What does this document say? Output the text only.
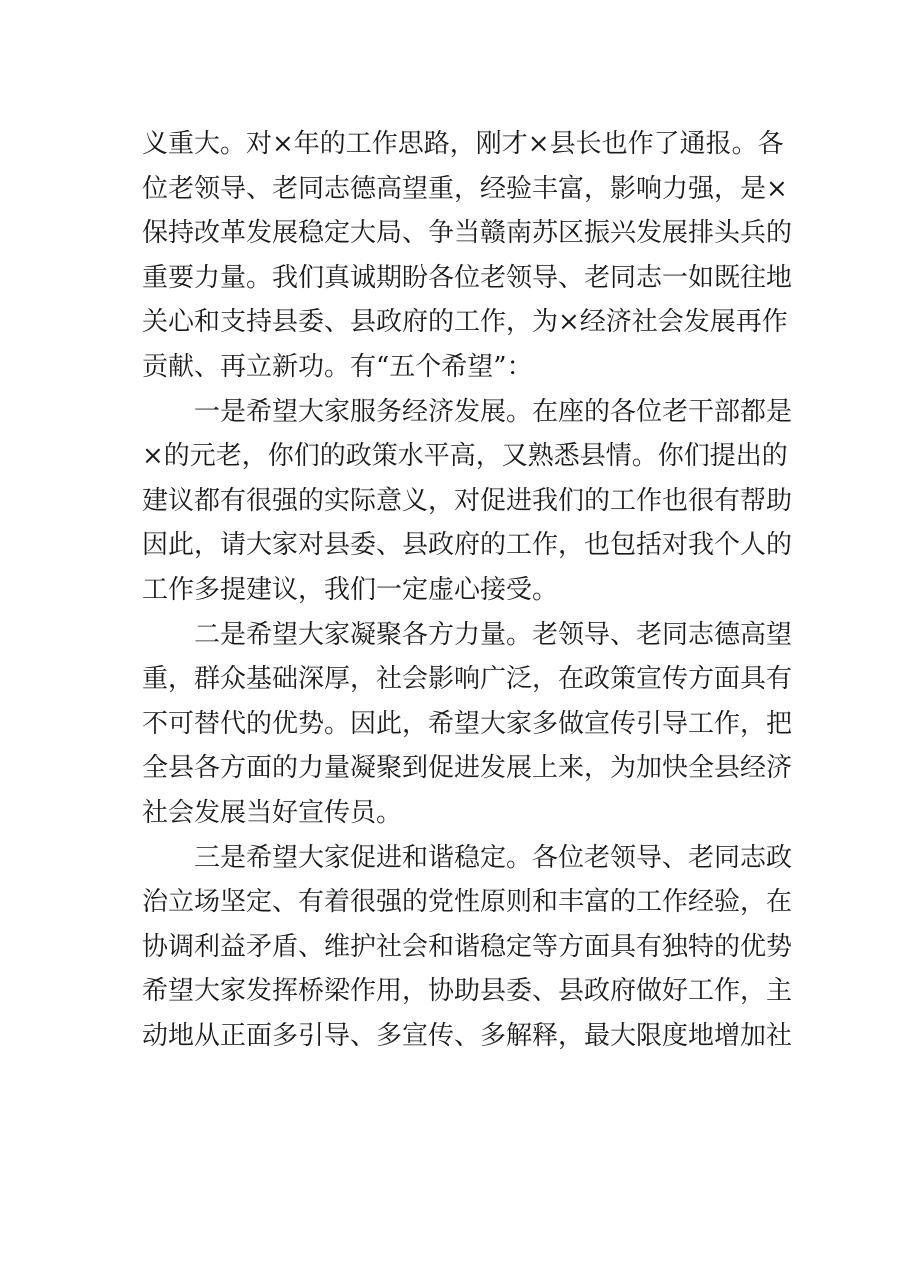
义重大。对×年的工作思路，刚才×县长也作了通报。各
位老领导、老同志德高望重，经验丰富，影响力强，是×
保持改革发展稳定大局、争当赣南苏区振兴发展排头兵的
重要力量。我们真诚期盼各位老领导、老同志一如既往地
关心和支持县委、县政府的工作，为×经济社会发展再作
贡献、再立新功。有“五个希望”：
一是希望大家服务经济发展。在座的各位老干部都是
×的元老，你们的政策水平高，又熟悉县情。你们提出的
建议都有很强的实际意义，对促进我们的工作也很有帮助
因此，请大家对县委、县政府的工作，也包括对我个人的
工作多提建议，我们一定虚心接受。
二是希望大家凝聚各方力量。老领导、老同志德高望
重，群众基础深厚，社会影响广泛，在政策宣传方面具有
不可替代的优势。因此，希望大家多做宣传引导工作，把
全县各方面的力量凝聚到促进发展上来，为加快全县经济
社会发展当好宣传员。
三是希望大家促进和谐稳定。各位老领导、老同志政
治立场坚定、有着很强的党性原则和丰富的工作经验，在
协调利益矛盾、维护社会和谐稳定等方面具有独特的优势
希望大家发挥桥梁作用，协助县委、县政府做好工作，主
动地从正面多引导、多宣传、多解释，最大限度地增加社
